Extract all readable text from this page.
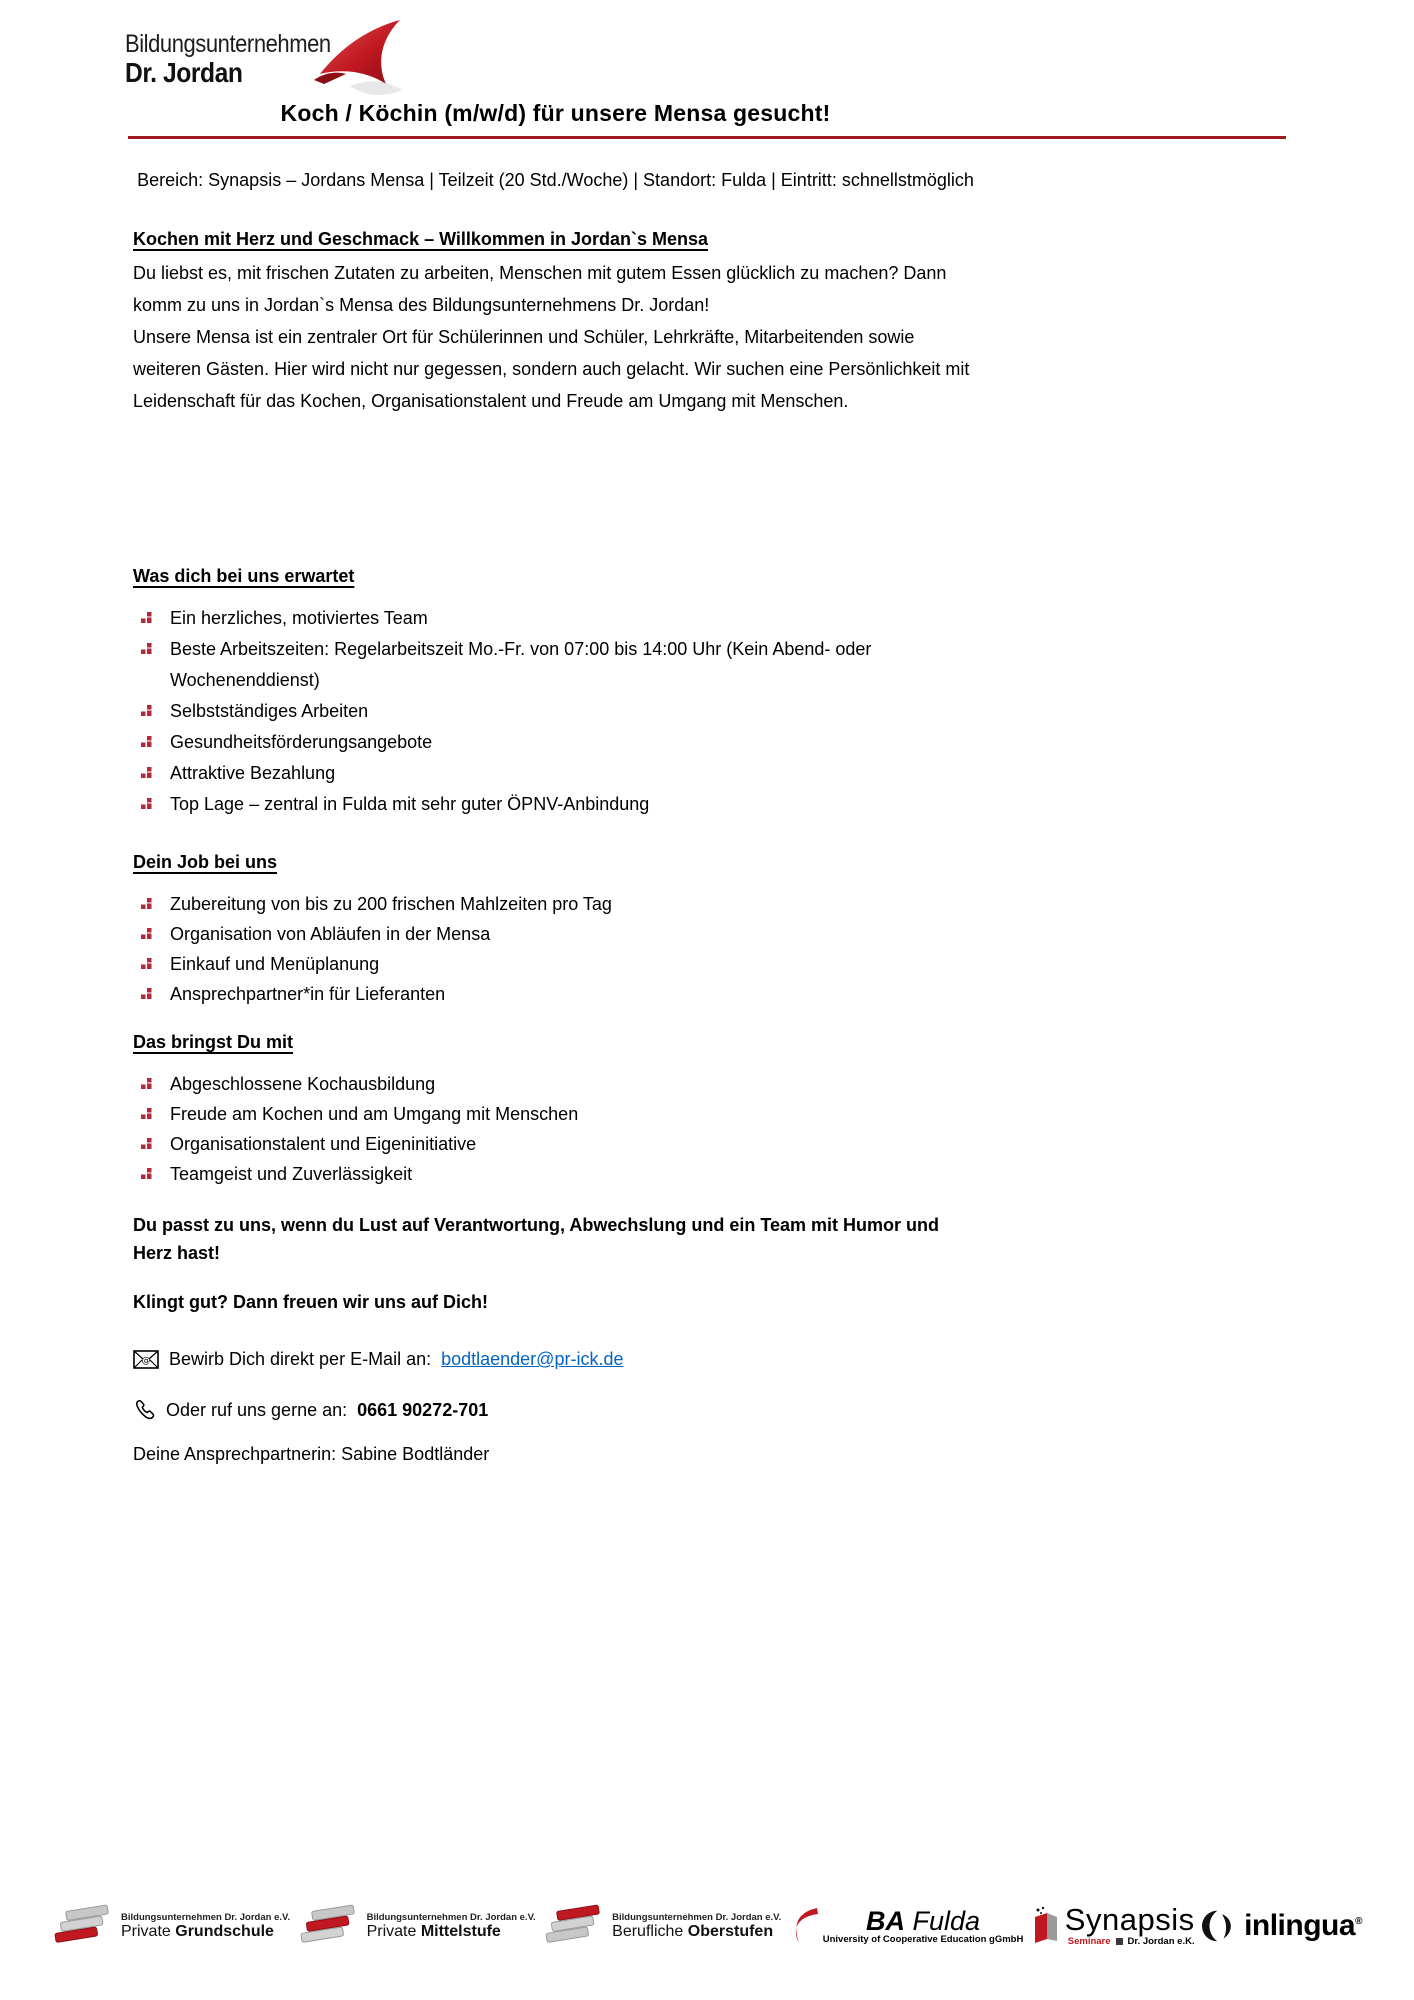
Bildungsunternehmen
Dr. Jordan
Koch / Köchin (m/w/d) für unsere Mensa gesucht!
Bereich: Synapsis – Jordans Mensa | Teilzeit (20 Std./Woche) | Standort: Fulda | Eintritt: schnellstmöglich
Kochen mit Herz und Geschmack – Willkommen in Jordan`s Mensa

Du liebst es, mit frischen Zutaten zu arbeiten, Menschen mit gutem Essen glücklich zu machen? Dann komm zu uns in Jordan`s Mensa des Bildungsunternehmens Dr. Jordan!

Unsere Mensa ist ein zentraler Ort für Schülerinnen und Schüler, Lehrkräfte, Mitarbeitenden sowie weiteren Gästen. Hier wird nicht nur gegessen, sondern auch gelacht. Wir suchen eine Persönlichkeit mit Leidenschaft für das Kochen, Organisationstalent und Freude am Umgang mit Menschen.

Was dich bei uns erwartet
Ein herzliches, motiviertes Team
Beste Arbeitszeiten: Regelarbeitszeit Mo.-Fr. von 07:00 bis 14:00 Uhr (Kein Abend- oder Wochenenddienst)
Selbstständiges Arbeiten
Gesundheitsförderungsangebote
Attraktive Bezahlung
Top Lage – zentral in Fulda mit sehr guter ÖPNV-Anbindung
Dein Job bei uns
Zubereitung von bis zu 200 frischen Mahlzeiten pro Tag
Organisation von Abläufen in der Mensa
Einkauf und Menüplanung
Ansprechpartner*in für Lieferanten
Das bringst Du mit
Abgeschlossene Kochausbildung
Freude am Kochen und am Umgang mit Menschen
Organisationstalent und Eigeninitiative
Teamgeist und Zuverlässigkeit
Du passt zu uns, wenn du Lust auf Verantwortung, Abwechslung und ein Team mit Humor und Herz hast!
Klingt gut? Dann freuen wir uns auf Dich!
@ Bewirb Dich direkt per E-Mail an: bodtlaender@pr-ick.de
Oder ruf uns gerne an: 0661 90272-701
Deine Ansprechpartnerin: Sabine Bodtländer
Bildungsunternehmen Dr. Jordan e.V.
Private Grundschule
Bildungsunternehmen Dr. Jordan e.V.
Private Mittelstufe
Bildungsunternehmen Dr. Jordan e.V.
Berufliche Oberstufen	BA Fulda
University of Cooperative Education gGmbH
Synapsis
Seminare Dr. Jordan e.K. inlingua®
